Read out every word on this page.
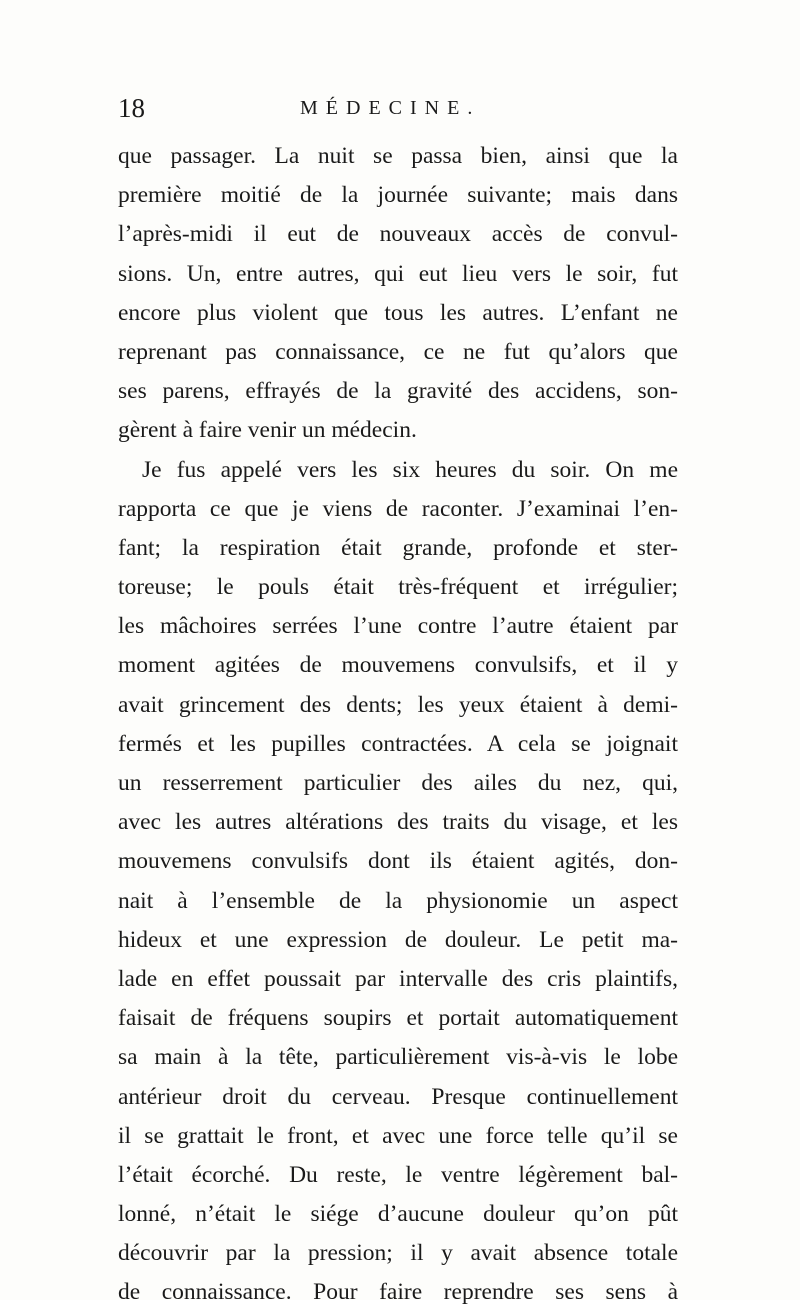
18	MÉDECINE.
que passager. La nuit se passa bien, ainsi que la
première moitié de la journée suivante; mais dans
l’après-midi il eut de nouveaux accès de convul-
sions. Un, entre autres, qui eut lieu vers le soir, fut
encore plus violent que tous les autres. L’enfant ne
reprenant pas connaissance, ce ne fut qu’alors que
ses parens, effrayés de la gravité des accidens, son-
gèrent à faire venir un médecin.
Je fus appelé vers les six heures du soir. On me
rapporta ce que je viens de raconter. J’examinai l’en-
fant; la respiration était grande, profonde et ster-
toreuse; le pouls était très-fréquent et irrégulier;
les mâchoires serrées l’une contre l’autre étaient par
moment agitées de mouvemens convulsifs, et il y
avait grincement des dents; les yeux étaient à demi-
fermés et les pupilles contractées. A cela se joignait
un resserrement particulier des ailes du nez, qui,
avec les autres altérations des traits du visage, et les
mouvemens convulsifs dont ils étaient agités, don-
nait à l’ensemble de la physionomie un aspect
hideux et une expression de douleur. Le petit ma-
lade en effet poussait par intervalle des cris plaintifs,
faisait de fréquens soupirs et portait automatiquement
sa main à la tête, particulièrement vis-à-vis le lobe
antérieur droit du cerveau. Presque continuellement
il se grattait le front, et avec une force telle qu’il se
l’était écorché. Du reste, le ventre légèrement bal-
lonné, n’était le siége d’aucune douleur qu’on pût
découvrir par la pression; il y avait absence totale
de connaissance. Pour faire reprendre ses sens à
